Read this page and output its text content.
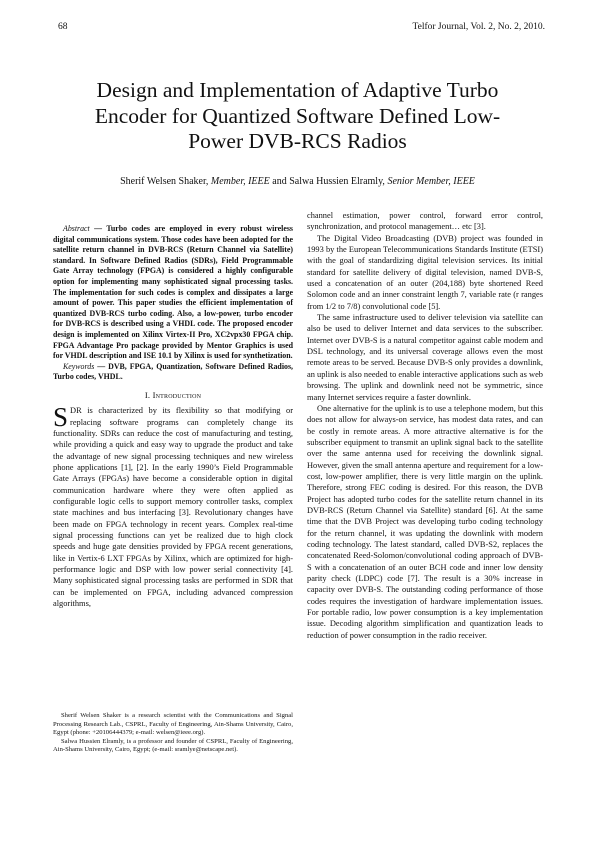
68	Telfor Journal, Vol. 2, No. 2, 2010.
Design and Implementation of Adaptive Turbo
Encoder for Quantized Software Defined Low-
Power DVB-RCS Radios
Sherif Welsen Shaker, Member, IEEE and Salwa Hussien Elramly, Senior Member, IEEE

Abstract — Turbo codes are employed in every robust wireless digital communications system. Those codes have been adopted for the satellite return channel in DVB-RCS (Return Channel via Satellite) standard. In Software Defined Radios (SDRs), Field Programmable Gate Array technology (FPGA) is considered a highly configurable option for implementing many sophisticated signal processing tasks. The implementation for such codes is complex and dissipates a large amount of power. This paper studies the efficient implementation of quantized DVB-RCS turbo coding. Also, a low-power, turbo encoder for DVB-RCS is described using a VHDL code. The proposed encoder design is implemented on Xilinx Virtex-II Pro, XC2vpx30 FPGA chip. FPGA Advantage Pro package provided by Mentor Graphics is used for VHDL description and ISE 10.1 by Xilinx is used for synthetization.

Keywords — DVB, FPGA, Quantization, Software Defined Radios, Turbo codes, VHDL.

I. Introduction

SDR is characterized by its flexibility so that modifying or replacing software programs can completely change its functionality. SDRs can reduce the cost of manufacturing and testing, while providing a quick and easy way to upgrade the product and take the advantage of new signal processing techniques and new wireless phone applications [1], [2]. In the early 1990’s Field Programmable Gate Arrays (FPGAs) have become a considerable option in digital communication hardware where they were often applied as configurable logic cells to support memory controller tasks, complex state machines and bus interfacing [3]. Revolutionary changes have been made on FPGA technology in recent years. Complex real-time signal processing functions can yet be realized due to high clock speeds and huge gate densities provided by FPGA recent generations, like in Vertix-6 LXT FPGAs by Xilinx, which are optimized for high-performance logic and DSP with low power serial connectivity [4]. Many sophisticated signal processing tasks are performed in SDR that can be implemented on FPGA, including advanced compression algorithms,

channel estimation, power control, forward error control, synchronization, and protocol management… etc [3].

The Digital Video Broadcasting (DVB) project was founded in 1993 by the European Telecommunications Standards Institute (ETSI) with the goal of standardizing digital television services. Its initial standard for satellite delivery of digital television, named DVB-S, used a concatenation of an outer (204,188) byte shortened Reed Solomon code and an inner constraint length 7, variable rate (r ranges from 1/2 to 7/8) convolutional code [5].

The same infrastructure used to deliver television via satellite can also be used to deliver Internet and data services to the subscriber. Internet over DVB-S is a natural competitor against cable modem and DSL technology, and its universal coverage allows even the most remote areas to be served. Because DVB-S only provides a downlink, an uplink is also needed to enable interactive applications such as web browsing. The uplink and downlink need not be symmetric, since many Internet services require a faster downlink.

One alternative for the uplink is to use a telephone modem, but this does not allow for always-on service, has modest data rates, and can be costly in remote areas. A more attractive alternative is for the subscriber equipment to transmit an uplink signal back to the satellite over the same antenna used for receiving the downlink signal. However, given the small antenna aperture and requirement for a low-cost, low-power amplifier, there is very little margin on the uplink. Therefore, strong FEC coding is desired. For this reason, the DVB Project has adopted turbo codes for the satellite return channel in its DVB-RCS (Return Channel via Satellite) standard [6]. At the same time that the DVB Project was developing turbo coding technology for the return channel, it was updating the downlink with modern coding technology. The latest standard, called DVB-S2, replaces the concatenated Reed-Solomon/convolutional coding approach of DVB-S with a concatenation of an outer BCH code and inner low density parity check (LDPC) code [7]. The result is a 30% increase in capacity over DVB-S. The outstanding coding performance of those codes requires the investigation of hardware implementation issues. For portable radio, low power consumption is a key implementation issue. Decoding algorithm simplification and quantization leads to reduction of power consumption in the radio receiver.

Sherif Welsen Shaker is a research scientist with the Communications and Signal Processing Research Lab., CSPRL, Faculty of Engineering, Ain-Shams University, Cairo, Egypt (phone: +20106444379; e-mail: welsen@ieee.org).

Salwa Hussien Elramly, is a professor and founder of CSPRL, Faculty of Engineering, Ain-Shams University, Cairo, Egypt; (e-mail: sramlye@netscape.net).
